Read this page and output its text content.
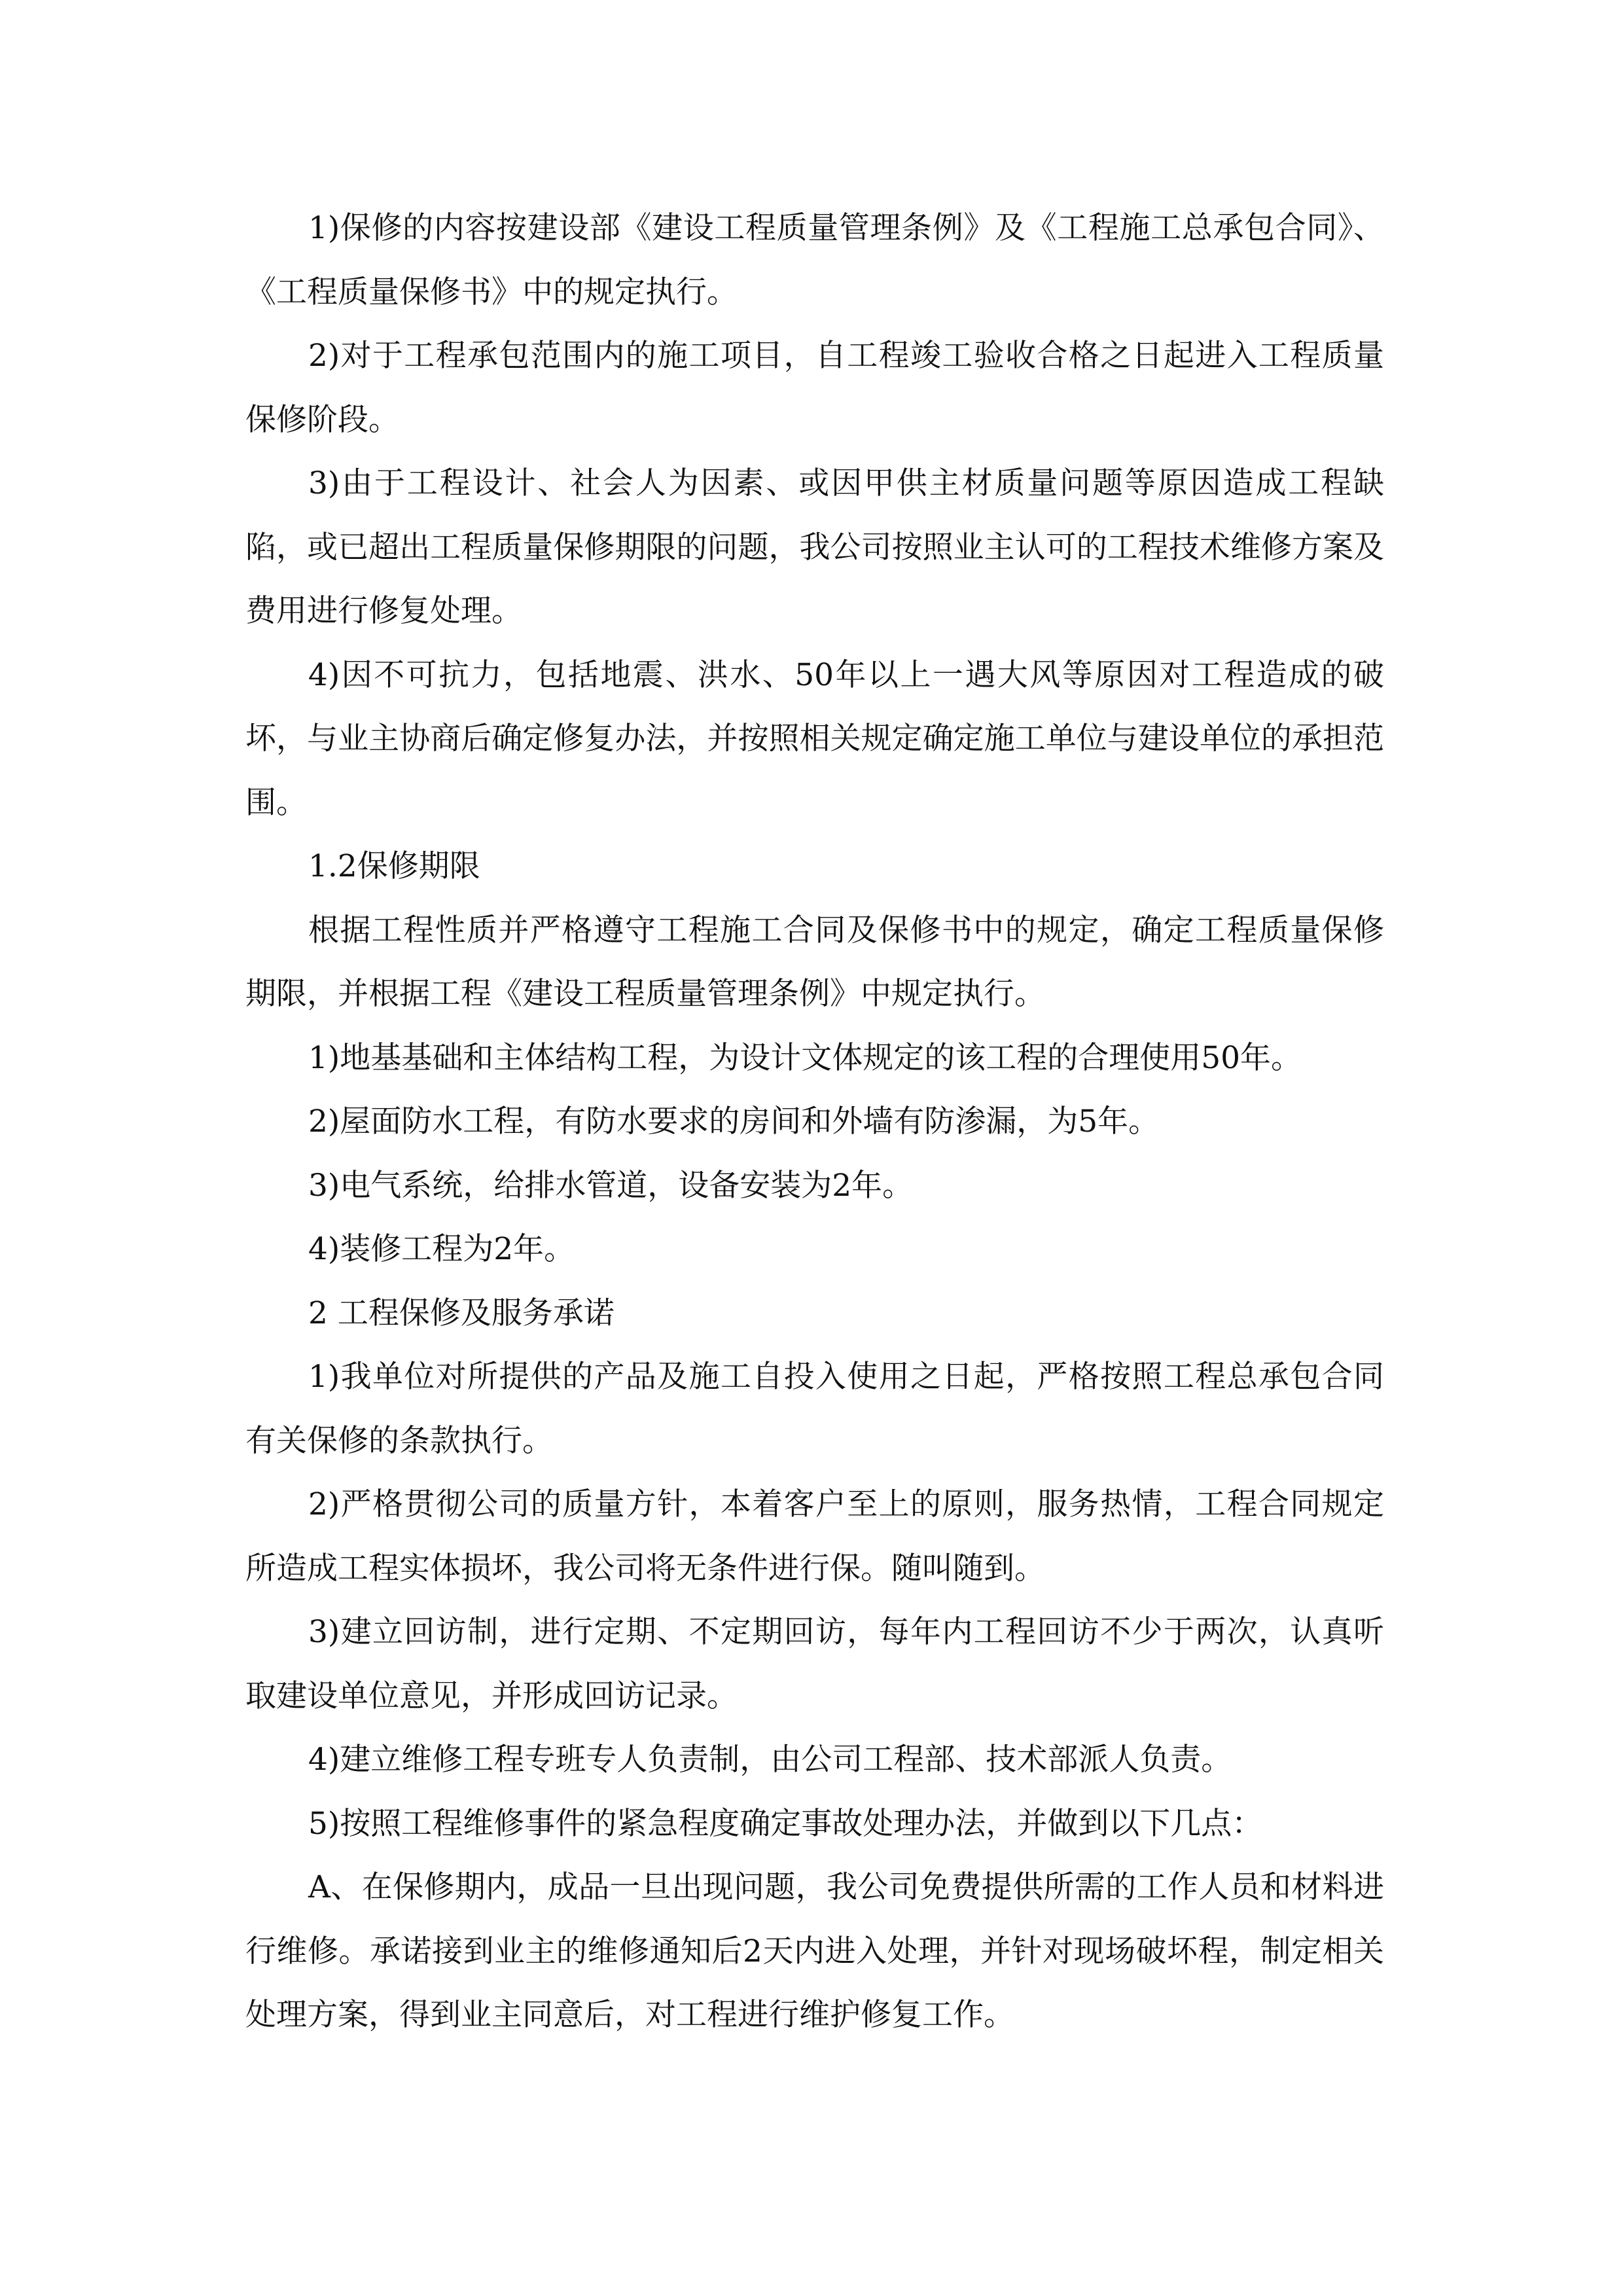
1)保修的内容按建设部《建设工程质量管理条例》及《工程施工总承包合同》、《工程质量保修书》中的规定执行。

2)对于工程承包范围内的施工项目，自工程竣工验收合格之日起进入工程质量保修阶段。

3)由于工程设计、社会人为因素、或因甲供主材质量问题等原因造成工程缺陷，或已超出工程质量保修期限的问题，我公司按照业主认可的工程技术维修方案及费用进行修复处理。

4)因不可抗力，包括地震、洪水、50年以上一遇大风等原因对工程造成的破坏，与业主协商后确定修复办法，并按照相关规定确定施工单位与建设单位的承担范围。

1.2保修期限

根据工程性质并严格遵守工程施工合同及保修书中的规定，确定工程质量保修期限，并根据工程《建设工程质量管理条例》中规定执行。

1)地基基础和主体结构工程，为设计文体规定的该工程的合理使用50年。

2)屋面防水工程，有防水要求的房间和外墙有防渗漏，为5年。

3)电气系统，给排水管道，设备安装为2年。

4)装修工程为2年。

2 工程保修及服务承诺

1)我单位对所提供的产品及施工自投入使用之日起，严格按照工程总承包合同有关保修的条款执行。

2)严格贯彻公司的质量方针，本着客户至上的原则，服务热情，工程合同规定所造成工程实体损坏，我公司将无条件进行保。随叫随到。

3)建立回访制，进行定期、不定期回访，每年内工程回访不少于两次，认真听取建设单位意见，并形成回访记录。

4)建立维修工程专班专人负责制，由公司工程部、技术部派人负责。

5)按照工程维修事件的紧急程度确定事故处理办法，并做到以下几点：

A、在保修期内，成品一旦出现问题，我公司免费提供所需的工作人员和材料进行维修。承诺接到业主的维修通知后2天内进入处理，并针对现场破坏程，制定相关处理方案，得到业主同意后，对工程进行维护修复工作。
